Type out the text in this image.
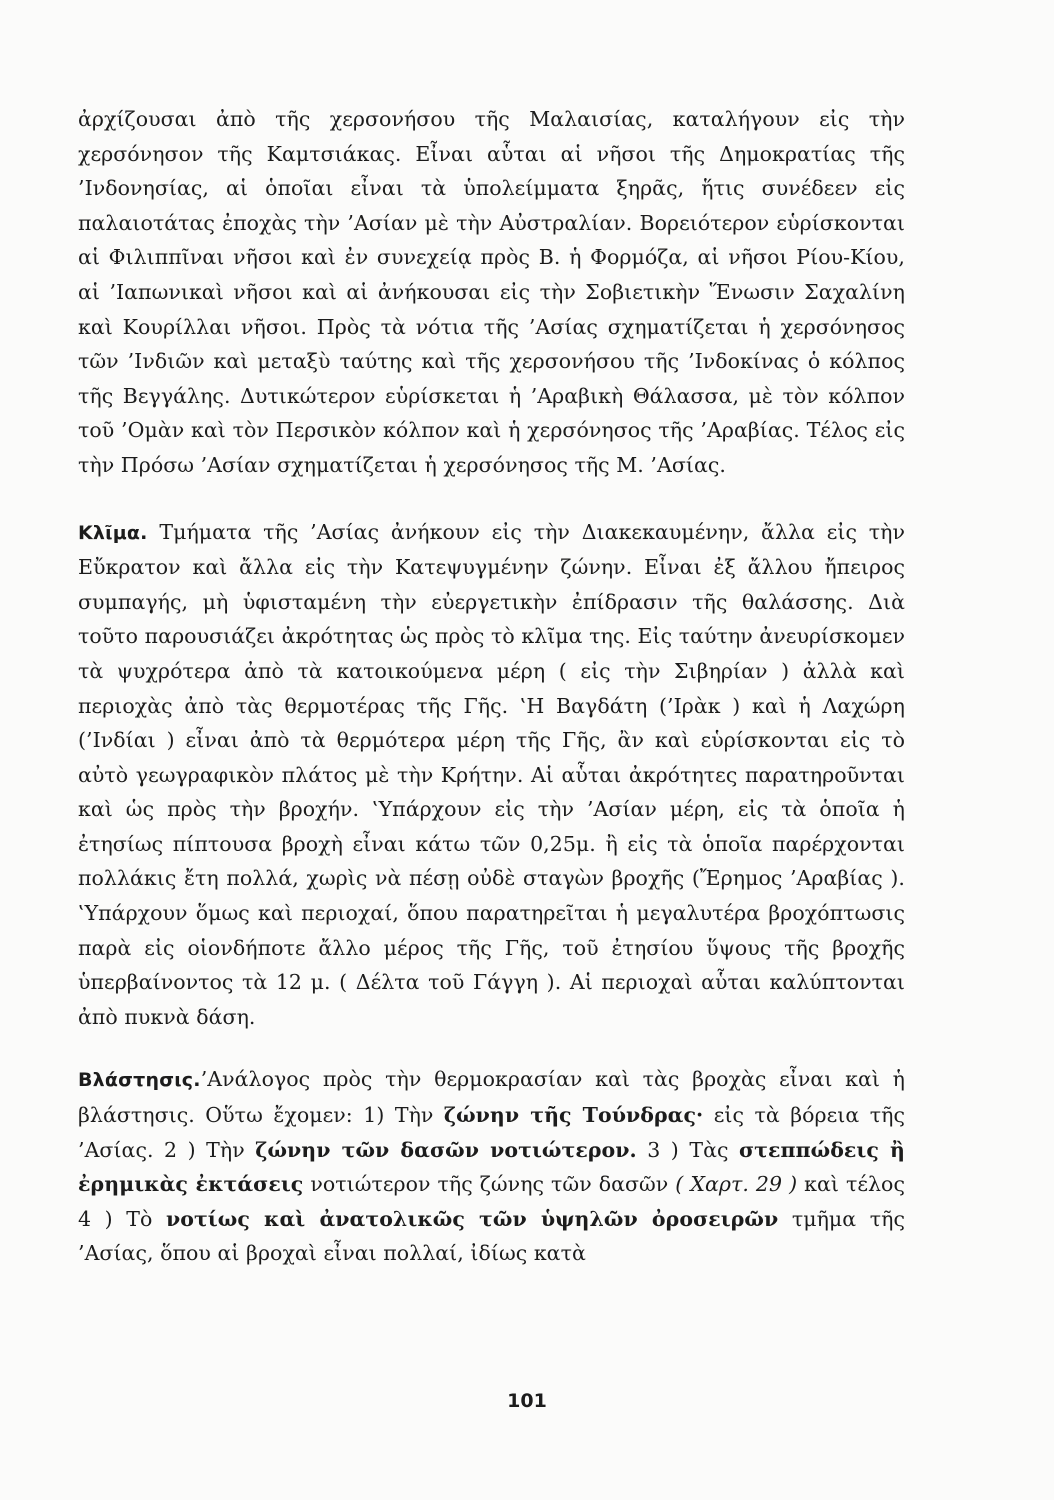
ἀρχίζουσαι ἀπὸ τῆς χερσονήσου τῆς Μαλαισίας, καταλήγουν εἰς τὴν χερσόνησον τῆς Καμτσιάκας. Εἶναι αὗται αἱ νῆσοι τῆς Δημοκρατίας τῆς ’Ινδονησίας, αἱ ὁποῖαι εἶναι τὰ ὑπολείμματα ξηρᾶς, ἥτις συνέδεεν εἰς παλαιοτάτας ἐποχὰς τὴν ’Ασίαν μὲ τὴν Αὐστραλίαν. Βορειότερον εὑρίσκονται αἱ Φιλιππῖναι νῆσοι καὶ ἐν συνεχείᾳ πρὸς Β. ἡ Φορμόζα, αἱ νῆσοι Ρίου-Κίου, αἱ ’Ιαπωνικαὶ νῆσοι καὶ αἱ ἀνήκουσαι εἰς τὴν Σοβιετικὴν Ἕνωσιν Σαχαλίνη καὶ Κουρίλλαι νῆσοι. Πρὸς τὰ νότια τῆς ’Ασίας σχηματίζεται ἡ χερσόνησος τῶν ’Ινδιῶν καὶ μεταξὺ ταύτης καὶ τῆς χερσονήσου τῆς ’Ινδοκίνας ὁ κόλπος τῆς Βεγγάλης. Δυτικώτερον εὑρίσκεται ἡ ’Αραβικὴ Θάλασσα, μὲ τὸν κόλπον τοῦ ’Ομὰν καὶ τὸν Περσικὸν κόλπον καὶ ἡ χερσόνησος τῆς ’Αραβίας. Τέλος εἰς τὴν Πρόσω ’Ασίαν σχηματίζεται ἡ χερσόνησος τῆς Μ. ’Ασίας.

Κλῖμα. Τμήματα τῆς ’Ασίας ἀνήκουν εἰς τὴν Διακεκαυμένην, ἄλλα εἰς τὴν Εὔκρατον καὶ ἄλλα εἰς τὴν Κατεψυγμένην ζώνην. Εἶναι ἐξ ἄλλου ἤπειρος συμπαγής, μὴ ὑφισταμένη τὴν εὐεργετικὴν ἐπίδρασιν τῆς θαλάσσης. Διὰ τοῦτο παρουσιάζει ἀκρότητας ὡς πρὸς τὸ κλῖμα της. Εἰς ταύτην ἀνευρίσκομεν τὰ ψυχρότερα ἀπὸ τὰ κατοικούμενα μέρη ( εἰς τὴν Σιβηρίαν ) ἀλλὰ καὶ περιοχὰς ἀπὸ τὰς θερμοτέρας τῆς Γῆς. ‛Η Βαγδάτη (’Ιρὰκ ) καὶ ἡ Λαχώρη (’Ινδίαι ) εἶναι ἀπὸ τὰ θερμότερα μέρη τῆς Γῆς, ἂν καὶ εὑρίσκονται εἰς τὸ αὐτὸ γεωγραφικὸν πλάτος μὲ τὴν Κρήτην. Αἱ αὗται ἀκρότητες παρατηροῦνται καὶ ὡς πρὸς τὴν βροχήν. ‛Υπάρχουν εἰς τὴν ’Ασίαν μέρη, εἰς τὰ ὁποῖα ἡ ἐτησίως πίπτουσα βροχὴ εἶναι κάτω τῶν 0,25μ. ἢ εἰς τὰ ὁποῖα παρέρχονται πολλάκις ἔτη πολλά, χωρὶς νὰ πέσῃ οὐδὲ σταγὼν βροχῆς (Ἔρημος ’Αραβίας ). ‛Υπάρχουν ὅμως καὶ περιοχαί, ὅπου παρατηρεῖται ἡ μεγαλυτέρα βροχόπτωσις παρὰ εἰς οἱονδήποτε ἄλλο μέρος τῆς Γῆς, τοῦ ἐτησίου ὕψους τῆς βροχῆς ὑπερβαίνοντος τὰ 12 μ. ( Δέλτα τοῦ Γάγγη ). Αἱ περιοχαὶ αὗται καλύπτονται ἀπὸ πυκνὰ δάση.

Βλάστησις.’Ανάλογος πρὸς τὴν θερμοκρασίαν καὶ τὰς βροχὰς εἶναι καὶ ἡ βλάστησις. Οὕτω ἔχομεν: 1) Τὴν ζώνην τῆς Τούνδρας· εἰς τὰ βόρεια τῆς ’Ασίας. 2 ) Τὴν ζώνην τῶν δασῶν νοτιώτερον. 3 ) Τὰς στεππώδεις ἢ ἐρημικὰς ἐκτάσεις νοτιώτερον τῆς ζώνης τῶν δασῶν ( Χαρτ. 29 ) καὶ τέλος 4 ) Τὸ νοτίως καὶ ἀνατολικῶς τῶν ὑψηλῶν ὀροσειρῶν τμῆμα τῆς ’Ασίας, ὅπου αἱ βροχαὶ εἶναι πολλαί, ἰδίως κατὰ

101
